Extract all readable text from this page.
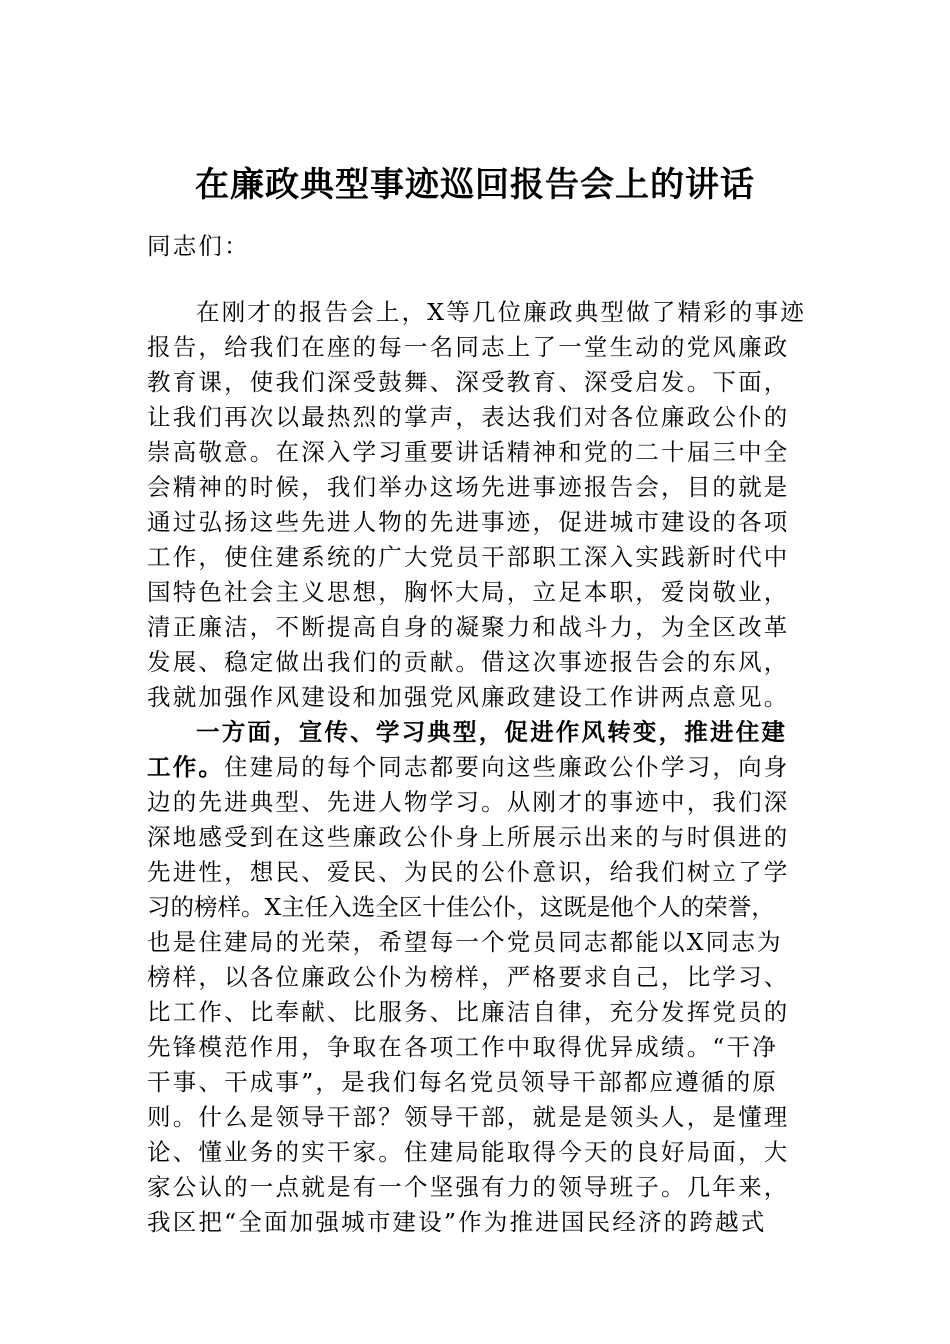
在廉政典型事迹巡回报告会上的讲话
同志们：
在刚才的报告会上，X等几位廉政典型做了精彩的事迹
报告，给我们在座的每一名同志上了一堂生动的党风廉政
教育课，使我们深受鼓舞、深受教育、深受启发。下面，
让我们再次以最热烈的掌声，表达我们对各位廉政公仆的
崇高敬意。在深入学习重要讲话精神和党的二十届三中全
会精神的时候，我们举办这场先进事迹报告会，目的就是
通过弘扬这些先进人物的先进事迹，促进城市建设的各项
工作，使住建系统的广大党员干部职工深入实践新时代中
国特色社会主义思想，胸怀大局，立足本职，爱岗敬业，
清正廉洁，不断提高自身的凝聚力和战斗力，为全区改革
发展、稳定做出我们的贡献。借这次事迹报告会的东风，
我就加强作风建设和加强党风廉政建设工作讲两点意见。
一方面，宣传、学习典型，促进作风转变，推进住建
工作。住建局的每个同志都要向这些廉政公仆学习，向身
边的先进典型、先进人物学习。从刚才的事迹中，我们深
深地感受到在这些廉政公仆身上所展示出来的与时俱进的
先进性，想民、爱民、为民的公仆意识，给我们树立了学
习的榜样。X主任入选全区十佳公仆，这既是他个人的荣誉，
也是住建局的光荣，希望每一个党员同志都能以X同志为
榜样，以各位廉政公仆为榜样，严格要求自己，比学习、
比工作、比奉献、比服务、比廉洁自律，充分发挥党员的
先锋模范作用，争取在各项工作中取得优异成绩。“干净
干事、干成事”，是我们每名党员领导干部都应遵循的原
则。什么是领导干部？领导干部，就是是领头人，是懂理
论、懂业务的实干家。住建局能取得今天的良好局面，大
家公认的一点就是有一个坚强有力的领导班子。几年来，
我区把“全面加强城市建设”作为推进国民经济的跨越式
